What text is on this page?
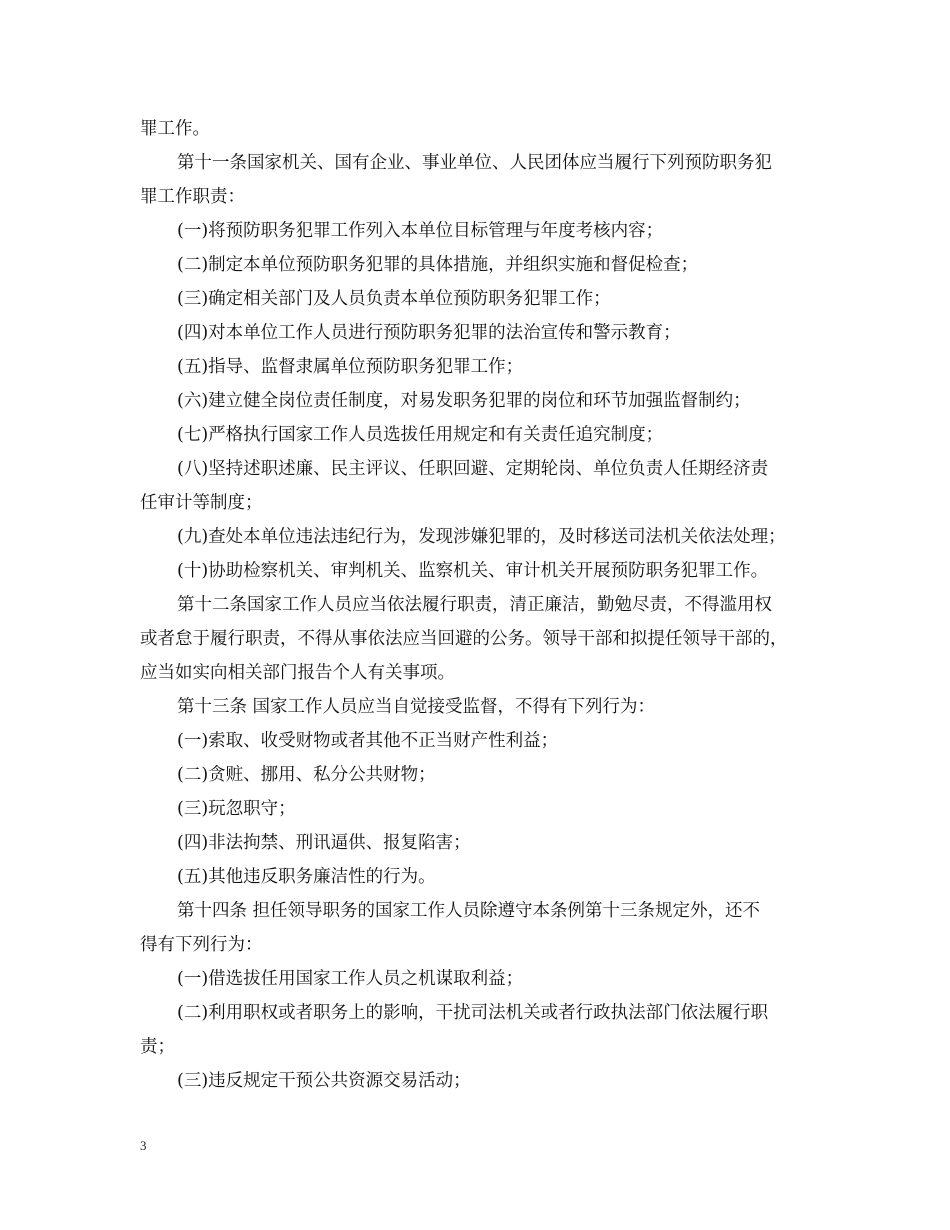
罪工作。
第十一条国家机关、国有企业、事业单位、人民团体应当履行下列预防职务犯
罪工作职责：
(一)将预防职务犯罪工作列入本单位目标管理与年度考核内容；
(二)制定本单位预防职务犯罪的具体措施，并组织实施和督促检查；
(三)确定相关部门及人员负责本单位预防职务犯罪工作；
(四)对本单位工作人员进行预防职务犯罪的法治宣传和警示教育；
(五)指导、监督隶属单位预防职务犯罪工作；
(六)建立健全岗位责任制度，对易发职务犯罪的岗位和环节加强监督制约；
(七)严格执行国家工作人员选拔任用规定和有关责任追究制度；
(八)坚持述职述廉、民主评议、任职回避、定期轮岗、单位负责人任期经济责
任审计等制度；
(九)查处本单位违法违纪行为，发现涉嫌犯罪的，及时移送司法机关依法处理；
(十)协助检察机关、审判机关、监察机关、审计机关开展预防职务犯罪工作。
第十二条国家工作人员应当依法履行职责，清正廉洁，勤勉尽责，不得滥用权
或者怠于履行职责，不得从事依法应当回避的公务。领导干部和拟提任领导干部的，
应当如实向相关部门报告个人有关事项。
第十三条 国家工作人员应当自觉接受监督，不得有下列行为：
(一)索取、收受财物或者其他不正当财产性利益；
(二)贪赃、挪用、私分公共财物；
(三)玩忽职守；
(四)非法拘禁、刑讯逼供、报复陷害；
(五)其他违反职务廉洁性的行为。
第十四条 担任领导职务的国家工作人员除遵守本条例第十三条规定外，还不
得有下列行为：
(一)借选拔任用国家工作人员之机谋取利益；
(二)利用职权或者职务上的影响，干扰司法机关或者行政执法部门依法履行职
责；
(三)违反规定干预公共资源交易活动；
3
